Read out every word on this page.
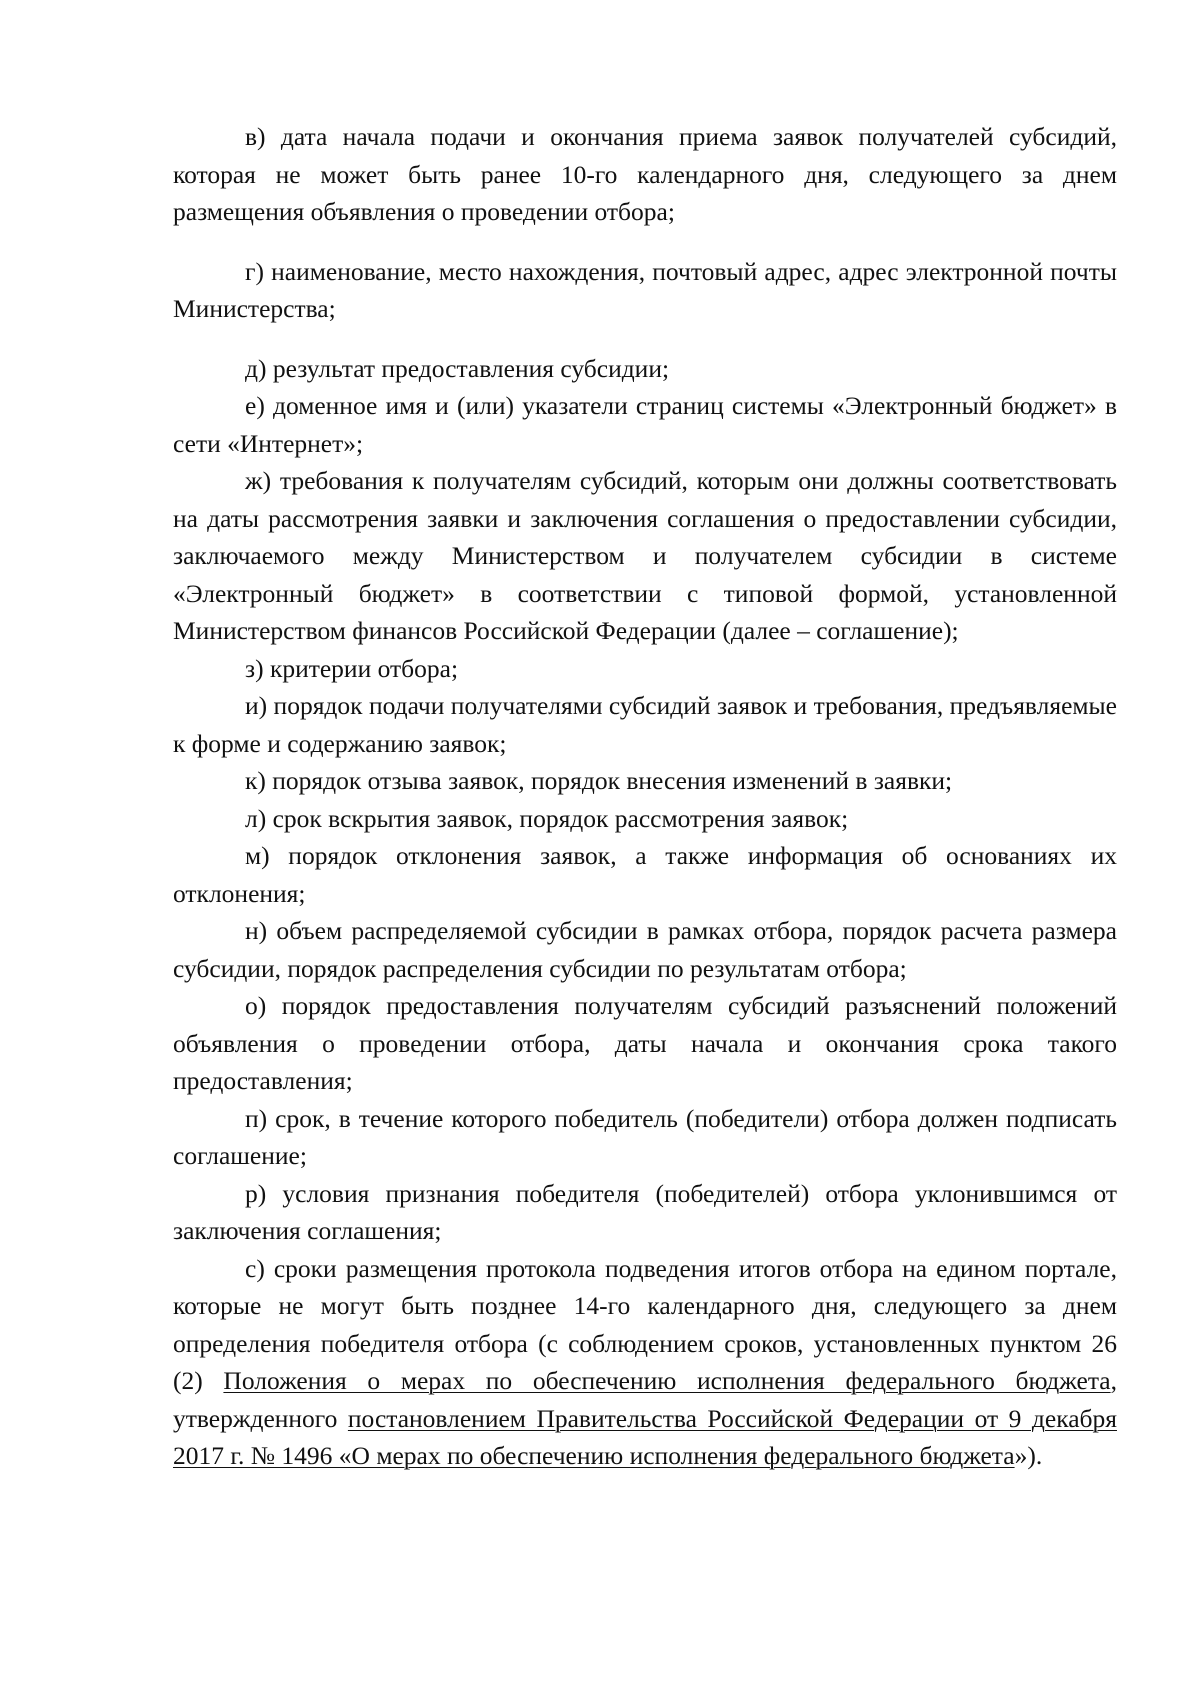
в) дата начала подачи и окончания приема заявок получателей субсидий, которая не может быть ранее 10-го календарного дня, следующего за днем размещения объявления о проведении отбора;

г) наименование, место нахождения, почтовый адрес, адрес электронной почты Министерства;

д) результат предоставления субсидии;

е) доменное имя и (или) указатели страниц системы «Электронный бюджет» в сети «Интернет»;

ж) требования к получателям субсидий, которым они должны соответствовать на даты рассмотрения заявки и заключения соглашения о предоставлении субсидии, заключаемого между Министерством и получателем субсидии в системе «Электронный бюджет» в соответствии с типовой формой, установленной Министерством финансов Российской Федерации (далее – соглашение);

з) критерии отбора;

и) порядок подачи получателями субсидий заявок и требования, предъявляемые к форме и содержанию заявок;

к) порядок отзыва заявок, порядок внесения изменений в заявки;

л) срок вскрытия заявок, порядок рассмотрения заявок;

м) порядок отклонения заявок, а также информация об основаниях их отклонения;

н) объем распределяемой субсидии в рамках отбора, порядок расчета размера субсидии, порядок распределения субсидии по результатам отбора;

о) порядок предоставления получателям субсидий разъяснений положений объявления о проведении отбора, даты начала и окончания срока такого предоставления;

п) срок, в течение которого победитель (победители) отбора должен подписать соглашение;

р) условия признания победителя (победителей) отбора уклонившимся от заключения соглашения;

с) сроки размещения протокола подведения итогов отбора на едином портале, которые не могут быть позднее 14-го календарного дня, следующего за днем определения победителя отбора (с соблюдением сроков, установленных пунктом 26 (2) Положения о мерах по обеспечению исполнения федерального бюджета, утвержденного постановлением Правительства Российской Федерации от 9 декабря 2017 г. № 1496 «О мерах по обеспечению исполнения федерального бюджета»).
